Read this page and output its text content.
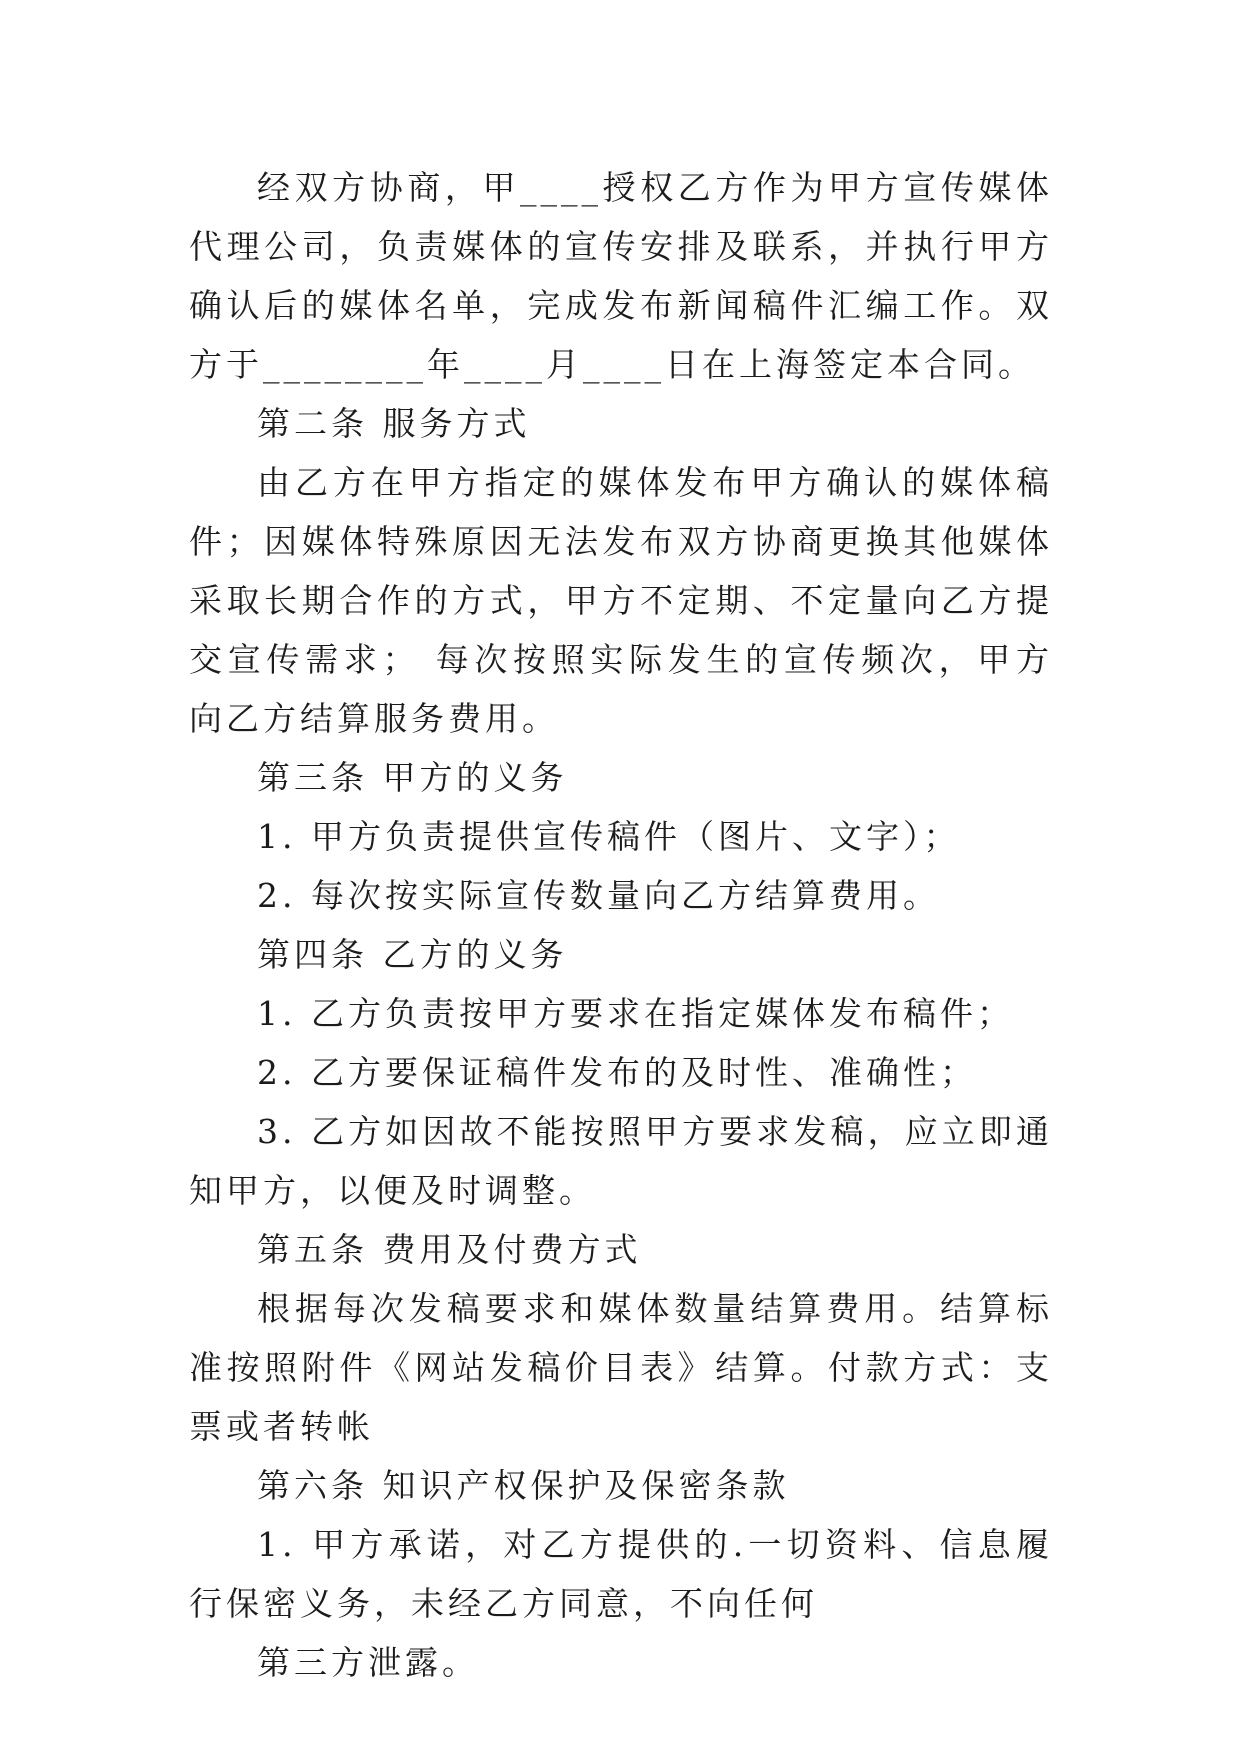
经双方协商，甲____授权乙方作为甲方宣传媒体代理公司，负责媒体的宣传安排及联系，并执行甲方确认后的媒体名单，完成发布新闻稿件汇编工作。双方于________年____月____日在上海签定本合同。

第二条 服务方式

由乙方在甲方指定的媒体发布甲方确认的媒体稿件；因媒体特殊原因无法发布双方协商更换其他媒体 采取长期合作的方式，甲方不定期、不定量向乙方提交宣传需求； 每次按照实际发生的宣传频次，甲方向乙方结算服务费用。

第三条 甲方的义务

1. 甲方负责提供宣传稿件（图片、文字）；

2. 每次按实际宣传数量向乙方结算费用。

第四条 乙方的义务

1. 乙方负责按甲方要求在指定媒体发布稿件；

2. 乙方要保证稿件发布的及时性、准确性；

3. 乙方如因故不能按照甲方要求发稿，应立即通知甲方，以便及时调整。

第五条 费用及付费方式

根据每次发稿要求和媒体数量结算费用。结算标准按照附件《网站发稿价目表》结算。付款方式：支票或者转帐

第六条 知识产权保护及保密条款

1. 甲方承诺，对乙方提供的.一切资料、信息履行保密义务，未经乙方同意，不向任何

第三方泄露。
